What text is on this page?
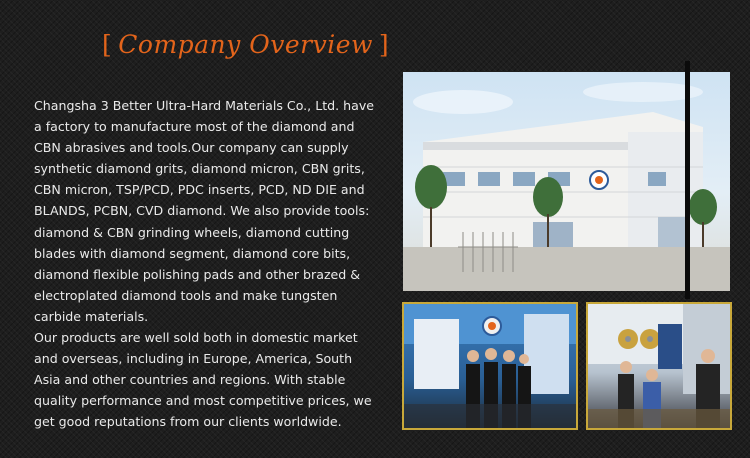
[ Company Overview ]

Changsha 3 Better Ultra-Hard Materials Co., Ltd. have a factory to manufacture most of the diamond and CBN abrasives and tools.Our company can supply synthetic diamond grits, diamond micron, CBN grits, CBN micron, TSP/PCD, PDC inserts, PCD, ND DIE and BLANDS, PCBN, CVD diamond. We also provide tools: diamond & CBN grinding wheels, diamond cutting blades with diamond segment, diamond core bits, diamond flexible polishing pads and other brazed & electroplated diamond tools and make tungsten carbide materials.

Our products are well sold both in domestic market and overseas, including in Europe, America, South Asia and other countries and regions. With stable quality performance and most competitive prices, we get good reputations from our clients worldwide.
